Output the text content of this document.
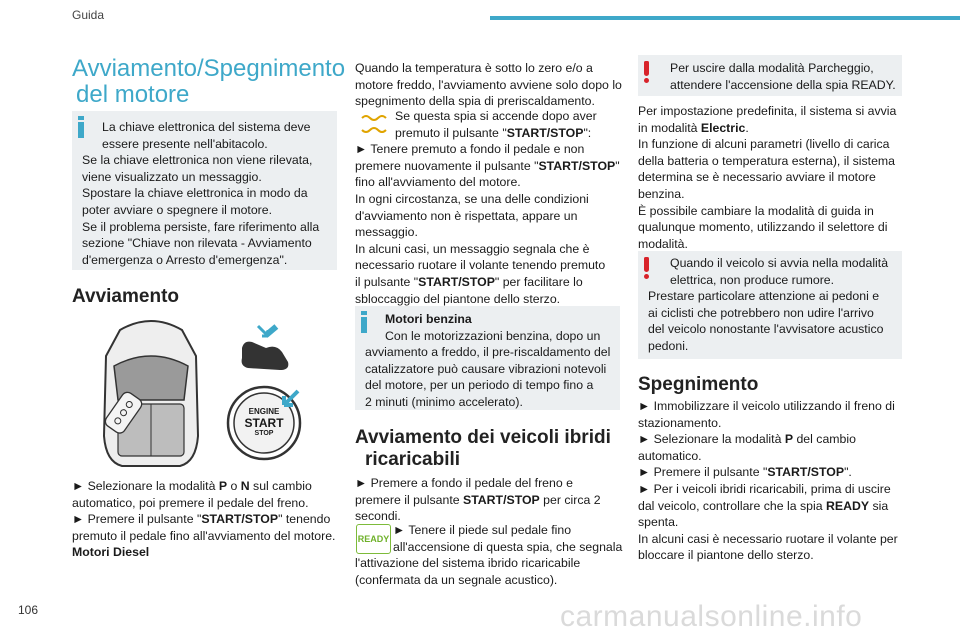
Guida
Avviamento/Spegnimento
del motore

La chiave elettronica del sistema deve

essere presente nell'abitacolo.

Se la chiave elettronica non viene rilevata,

viene visualizzato un messaggio.

Spostare la chiave elettronica in modo da

poter avviare o spegnere il motore.

Se il problema persiste, fare riferimento alla

sezione "Chiave non rilevata - Avviamento

d'emergenza o Arresto d'emergenza".

Avviamento
ENGINE
START
STOP

► Selezionare la modalità P o N sul cambio

automatico, poi premere il pedale del freno.

► Premere il pulsante "START/STOP" tenendo

premuto il pedale fino all'avviamento del motore.

Motori Diesel

Quando la temperatura è sotto lo zero e/o a

motore freddo, l'avviamento avviene solo dopo lo

spegnimento della spia di preriscaldamento.

Se questa spia si accende dopo aver

premuto il pulsante "START/STOP":

► Tenere premuto a fondo il pedale e non

premere nuovamente il pulsante "START/STOP"

fino all'avviamento del motore.

In ogni circostanza, se una delle condizioni

d'avviamento non è rispettata, appare un

messaggio.

In alcuni casi, un messaggio segnala che è

necessario ruotare il volante tenendo premuto

il pulsante "START/STOP" per facilitare lo

sbloccaggio del piantone dello sterzo.

Motori benzina

Con le motorizzazioni benzina, dopo un

avviamento a freddo, il pre-riscaldamento del

catalizzatore può causare vibrazioni notevoli

del motore, per un periodo di tempo fino a

2 minuti (minimo accelerato).

Avviamento dei veicoli ibridi
ricaricabili

► Premere a fondo il pedale del freno e

premere il pulsante START/STOP per circa 2

secondi.

READY

► Tenere il piede sul pedale fino

all'accensione di questa spia, che segnala

l'attivazione del sistema ibrido ricaricabile

(confermata da un segnale acustico).

Per uscire dalla modalità Parcheggio,

attendere l'accensione della spia READY.

Per impostazione predefinita, il sistema si avvia

in modalità Electric.

In funzione di alcuni parametri (livello di carica

della batteria o temperatura esterna), il sistema

determina se è necessario avviare il motore

benzina.

È possibile cambiare la modalità di guida in

qualunque momento, utilizzando il selettore di

modalità.

Quando il veicolo si avvia nella modalità

elettrica, non produce rumore.

Prestare particolare attenzione ai pedoni e

ai ciclisti che potrebbero non udire l'arrivo

del veicolo nonostante l'avvisatore acustico

pedoni.

Spegnimento

► Immobilizzare il veicolo utilizzando il freno di

stazionamento.

► Selezionare la modalità P del cambio

automatico.

► Premere il pulsante "START/STOP".

► Per i veicoli ibridi ricaricabili, prima di uscire

dal veicolo, controllare che la spia READY sia

spenta.

In alcuni casi è necessario ruotare il volante per

bloccare il piantone dello sterzo.

106	carmanualsonline.info
